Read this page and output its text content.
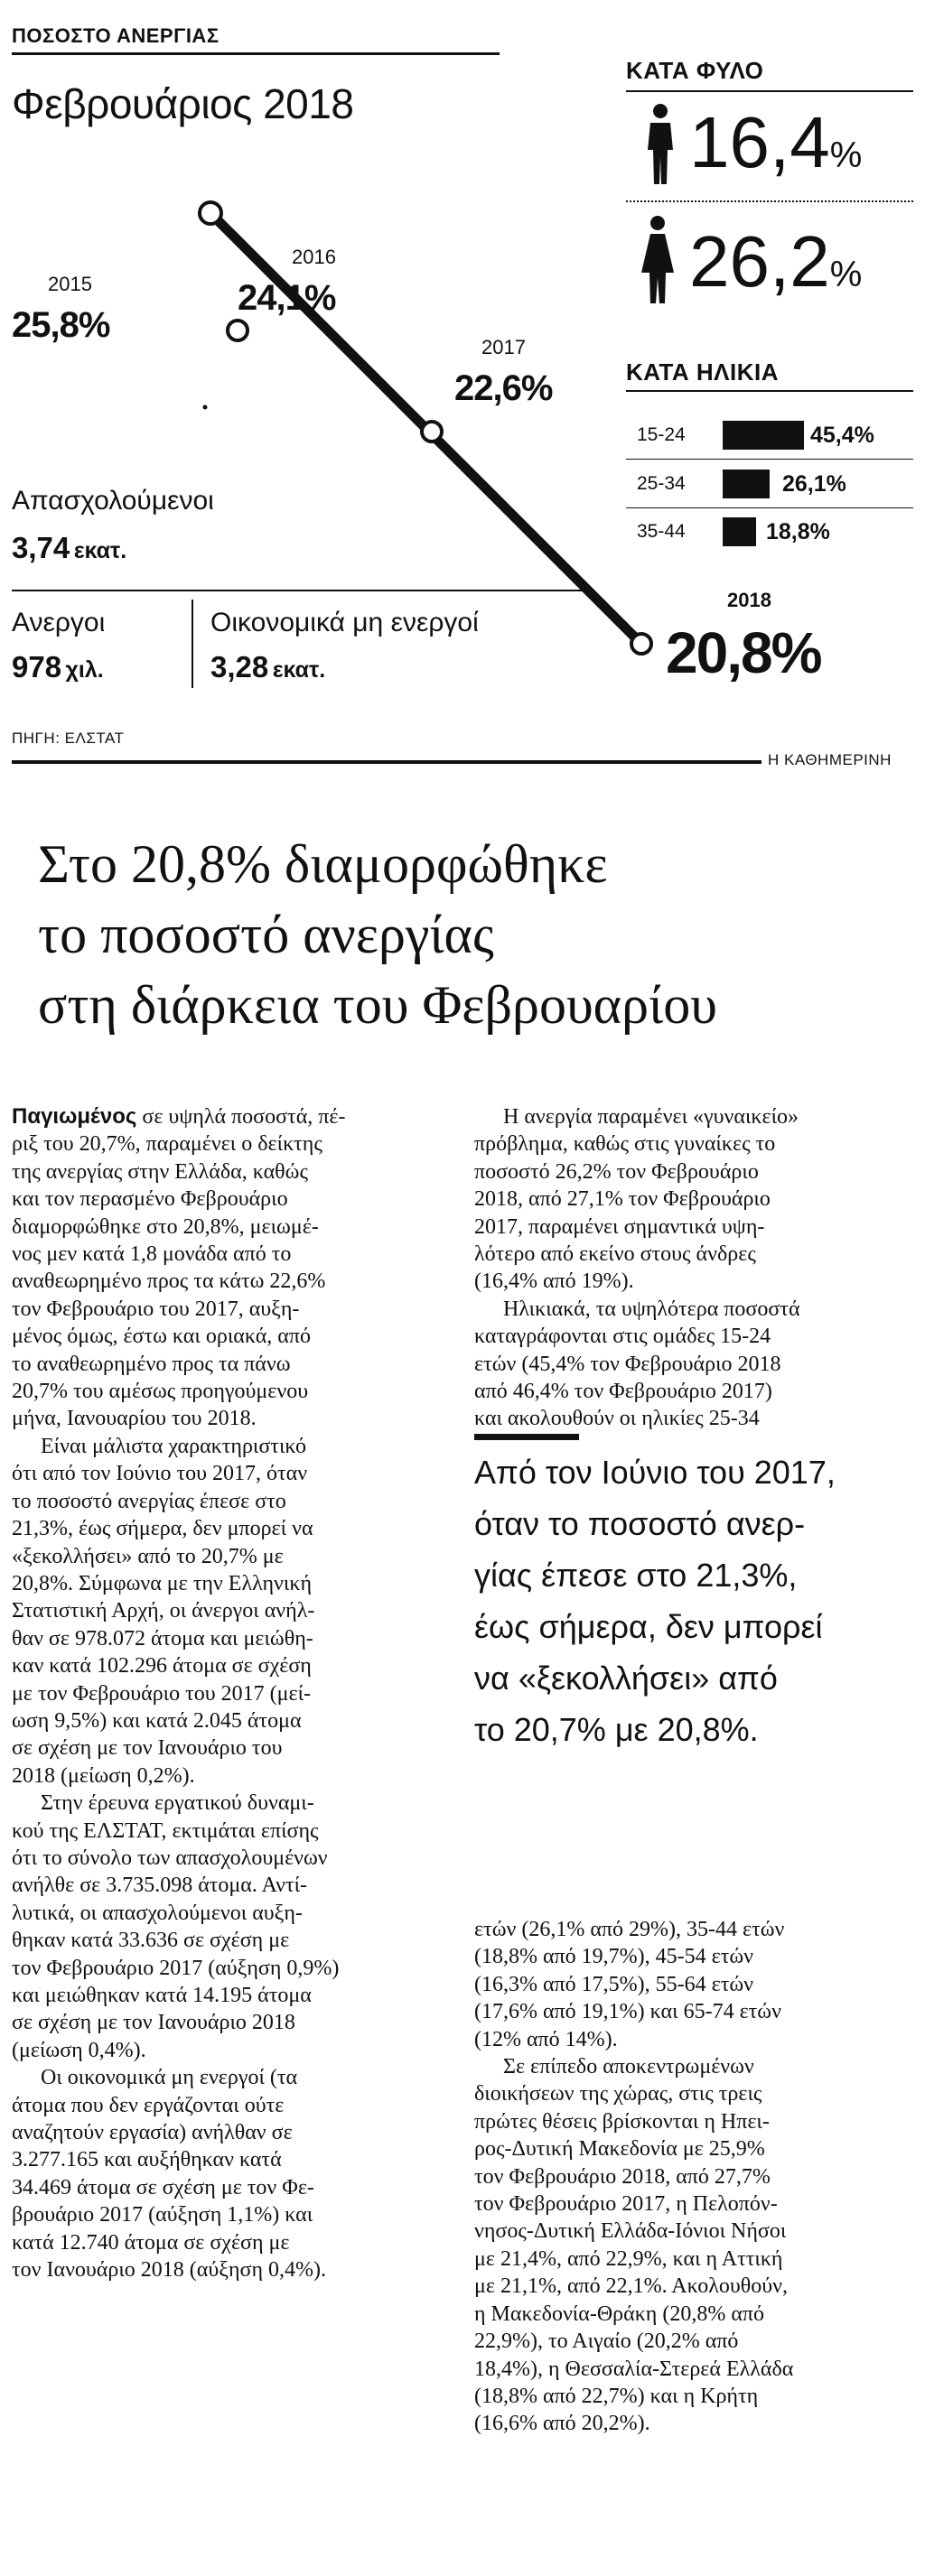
ΠΟΣΟΣΤΟ ΑΝΕΡΓΙΑΣ
Φεβρουάριος 2018
2015
25,8%
2016
24,1%
2017
22,6%
Απασχολούμενοι
3,74 εκατ.
Ανεργοι
978 χιλ.
Οικονομικά μη ενεργοί
3,28 εκατ.
ΚΑΤΑ ΦΥΛΟ
16,4%
26,2%
ΚΑΤΑ ΗΛΙΚΙΑ
15-24	45,4%
25-34	26,1%
35-44	18,8%
2018
20,8%
ΠΗΓΗ: ΕΛΣΤΑΤ
Η ΚΑΘΗΜΕΡΙΝΗ
Στο 20,8% διαμορφώθηκε
το ποσοστό ανεργίας
στη διάρκεια του Φεβρουαρίου

Παγιωμένος σε υψηλά ποσοστά, πέ-

ριξ του 20,7%, παραμένει ο δείκτης

της ανεργίας στην Ελλάδα, καθώς

και τον περασμένο Φεβρουάριο

διαμορφώθηκε στο 20,8%, μειωμέ-

νος μεν κατά 1,8 μονάδα από το

αναθεωρημένο προς τα κάτω 22,6%

τον Φεβρουάριο του 2017, αυξη-

μένος όμως, έστω και οριακά, από

το αναθεωρημένο προς τα πάνω

20,7% του αμέσως προηγούμενου

μήνα, Ιανουαρίου του 2018.

Είναι μάλιστα χαρακτηριστικό

ότι από τον Ιούνιο του 2017, όταν

το ποσοστό ανεργίας έπεσε στο

21,3%, έως σήμερα, δεν μπορεί να

«ξεκολλήσει» από το 20,7% με

20,8%. Σύμφωνα με την Ελληνική

Στατιστική Αρχή, οι άνεργοι ανήλ-

θαν σε 978.072 άτομα και μειώθη-

καν κατά 102.296 άτομα σε σχέση

με τον Φεβρουάριο του 2017 (μεί-

ωση 9,5%) και κατά 2.045 άτομα

σε σχέση με τον Ιανουάριο του

2018 (μείωση 0,2%).

Στην έρευνα εργατικού δυναμι-

κού της ΕΛΣΤΑΤ, εκτιμάται επίσης

ότι το σύνολο των απασχολουμένων

ανήλθε σε 3.735.098 άτομα. Αντί-

λυτικά, οι απασχολούμενοι αυξη-

θηκαν κατά 33.636 σε σχέση με

τον Φεβρουάριο 2017 (αύξηση 0,9%)

και μειώθηκαν κατά 14.195 άτομα

σε σχέση με τον Ιανουάριο 2018

(μείωση 0,4%).

Οι οικονομικά μη ενεργοί (τα

άτομα που δεν εργάζονται ούτε

αναζητούν εργασία) ανήλθαν σε

3.277.165 και αυξήθηκαν κατά

34.469 άτομα σε σχέση με τον Φε-

βρουάριο 2017 (αύξηση 1,1%) και

κατά 12.740 άτομα σε σχέση με

τον Ιανουάριο 2018 (αύξηση 0,4%).

Η ανεργία παραμένει «γυναικείο»

πρόβλημα, καθώς στις γυναίκες το

ποσοστό 26,2% τον Φεβρουάριο

2018, από 27,1% τον Φεβρουάριο

2017, παραμένει σημαντικά υψη-

λότερο από εκείνο στους άνδρες

(16,4% από 19%).

Ηλικιακά, τα υψηλότερα ποσοστά

καταγράφονται στις ομάδες 15-24

ετών (45,4% τον Φεβρουάριο 2018

από 46,4% τον Φεβρουάριο 2017)

και ακολουθούν οι ηλικίες 25-34

Από τον Ιούνιο του 2017,
όταν το ποσοστό ανερ-
γίας έπεσε στο 21,3%,
έως σήμερα, δεν μπορεί
να «ξεκολλήσει» από
το 20,7% με 20,8%.

ετών (26,1% από 29%), 35-44 ετών

(18,8% από 19,7%), 45-54 ετών

(16,3% από 17,5%), 55-64 ετών

(17,6% από 19,1%) και 65-74 ετών

(12% από 14%).

Σε επίπεδο αποκεντρωμένων

διοικήσεων της χώρας, στις τρεις

πρώτες θέσεις βρίσκονται η Ηπει-

ρος-Δυτική Μακεδονία με 25,9%

τον Φεβρουάριο 2018, από 27,7%

τον Φεβρουάριο 2017, η Πελοπόν-

νησος-Δυτική Ελλάδα-Ιόνιοι Νήσοι

με 21,4%, από 22,9%, και η Αττική

με 21,1%, από 22,1%. Ακολουθούν,

η Μακεδονία-Θράκη (20,8% από

22,9%), το Αιγαίο (20,2% από

18,4%), η Θεσσαλία-Στερεά Ελλάδα

(18,8% από 22,7%) και η Κρήτη

(16,6% από 20,2%).
